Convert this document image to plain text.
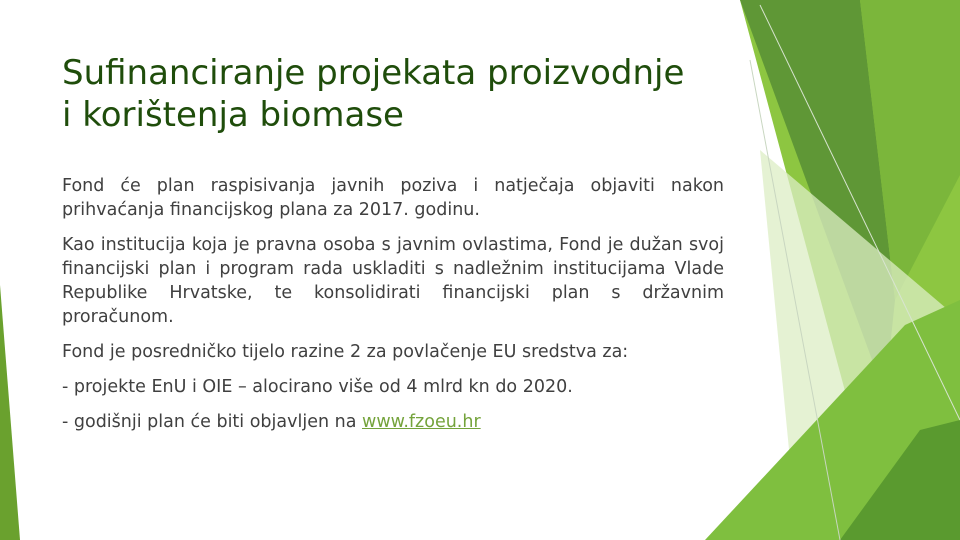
Sufinanciranje projekata proizvodnje i korištenja biomase

Fond će plan raspisivanja javnih poziva i natječaja objaviti nakon prihvaćanja financijskog plana za 2017. godinu.

Kao institucija koja je pravna osoba s javnim ovlastima, Fond je dužan svoj financijski plan i program rada uskladiti s nadležnim institucijama Vlade Republike Hrvatske, te konsolidirati financijski plan s državnim proračunom.

Fond je posredničko tijelo razine 2 za povlačenje EU sredstva za:

- projekte EnU i OIE – alocirano više od 4 mlrd kn do 2020.

- godišnji plan će biti objavljen na www.fzoeu.hr
